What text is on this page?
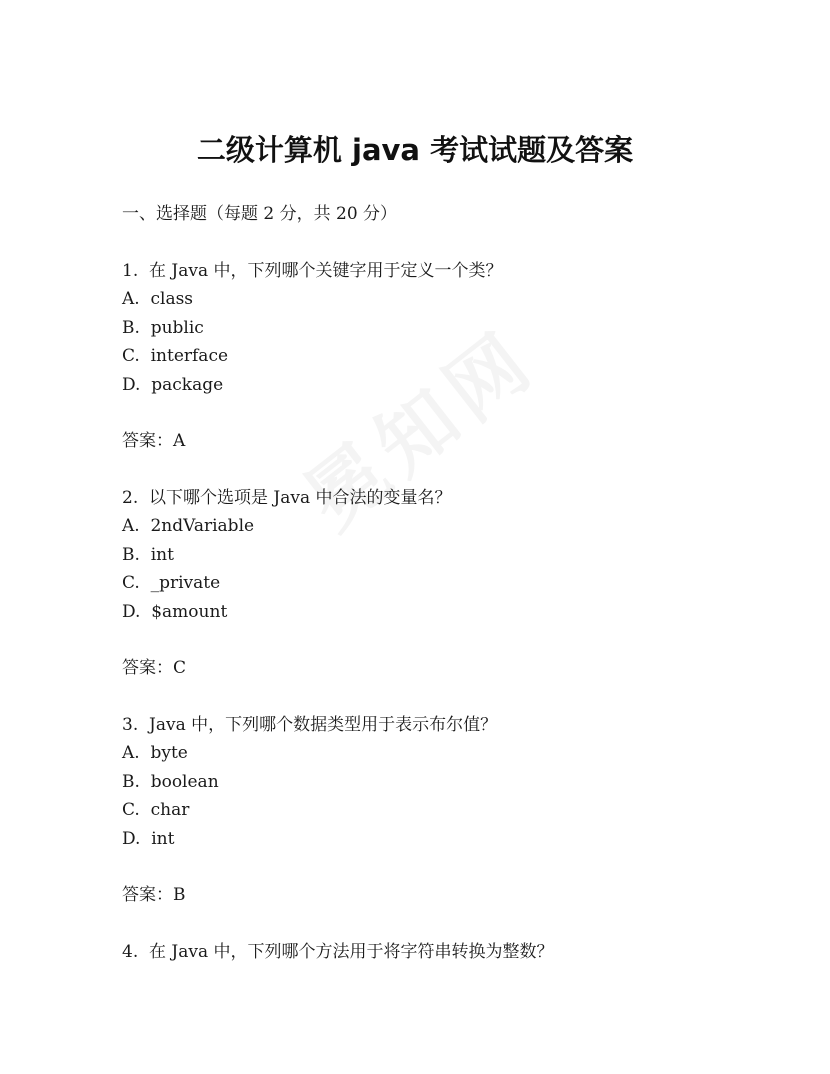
二级计算机 java 考试试题及答案
一、选择题（每题 2 分，共 20 分）
1.  在 Java 中，下列哪个关键字用于定义一个类？
A.  class
B.  public
C.  interface
D.  package
答案：A
2.  以下哪个选项是 Java 中合法的变量名？
A.  2ndVariable
B.  int
C.  _private
D.  $amount
答案：C
3.  Java 中，下列哪个数据类型用于表示布尔值？
A.  byte
B.  boolean
C.  char
D.  int
答案：B
4.  在 Java 中，下列哪个方法用于将字符串转换为整数？
